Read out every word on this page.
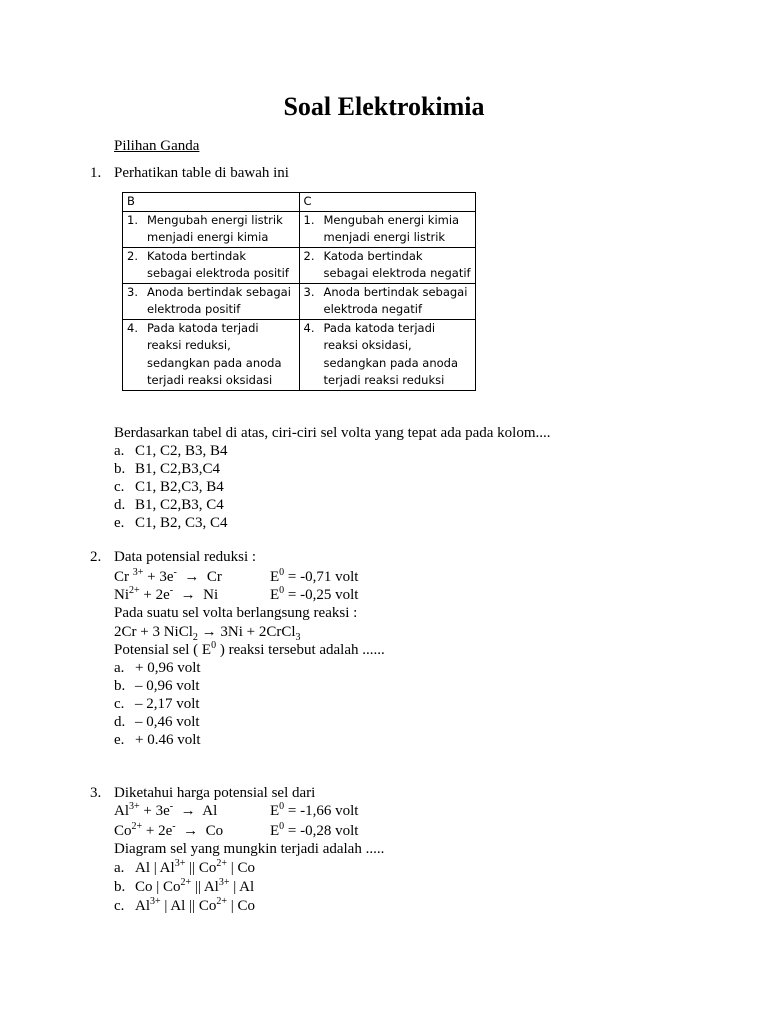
Soal Elektrokimia
Pilihan Ganda
1. Perhatikan table di bawah ini
B		C	
1.	Mengubah energi listrik menjadi energi kimia	1.	Mengubah energi kimia menjadi energi listrik
2.	Katoda bertindak sebagai elektroda positif	2.	Katoda bertindak sebagai elektroda negatif
3.	Anoda bertindak sebagai elektroda positif	3.	Anoda bertindak sebagai elektroda negatif
4.	Pada katoda terjadi reaksi reduksi, sedangkan pada anoda terjadi reaksi oksidasi	4.	Pada katoda terjadi reaksi oksidasi, sedangkan pada anoda terjadi reaksi reduksi
Berdasarkan tabel di atas, ciri-ciri sel volta yang tepat ada pada kolom....
a. C1, C2, B3, B4
b. B1, C2,B3,C4
c. C1, B2,C3, B4
d. B1, C2,B3, C4
e. C1, B2, C3, C4
2. Data potensial reduksi :
Cr $^{3+}$ + 3e- → Cr	$E^0 = -0,71$ volt
$Ni^{2+} + 2e^- \to Ni$	$E^0 = -0,25$ volt
Pada suatu sel volta berlangsung reaksi :
2Cr + 3 NiCl$_2$ → 3Ni + 2CrCl$_3$
Potensial sel ( $E^0$ ) reaksi tersebut adalah ......
a. + 0,96 volt
b. – 0,96 volt
c. – 2,17 volt
d. – 0,46 volt
e. + 0.46 volt
3. Diketahui harga potensial sel dari
$Al^{3+} + 3e^- \to Al$	$E^0 = -1,66$ volt
$Co^{2+} + 2e^- \to Co$	$E^0 = -0,28$ volt
Diagram sel yang mungkin terjadi adalah .....
a. Al | $Al^{3+}$ || $Co^{2+}$ | Co
b. Co | $Co^{2+}$ || $Al^{3+}$ | Al
c. $Al^{3+}$ | Al || $Co^{2+}$ | Co
